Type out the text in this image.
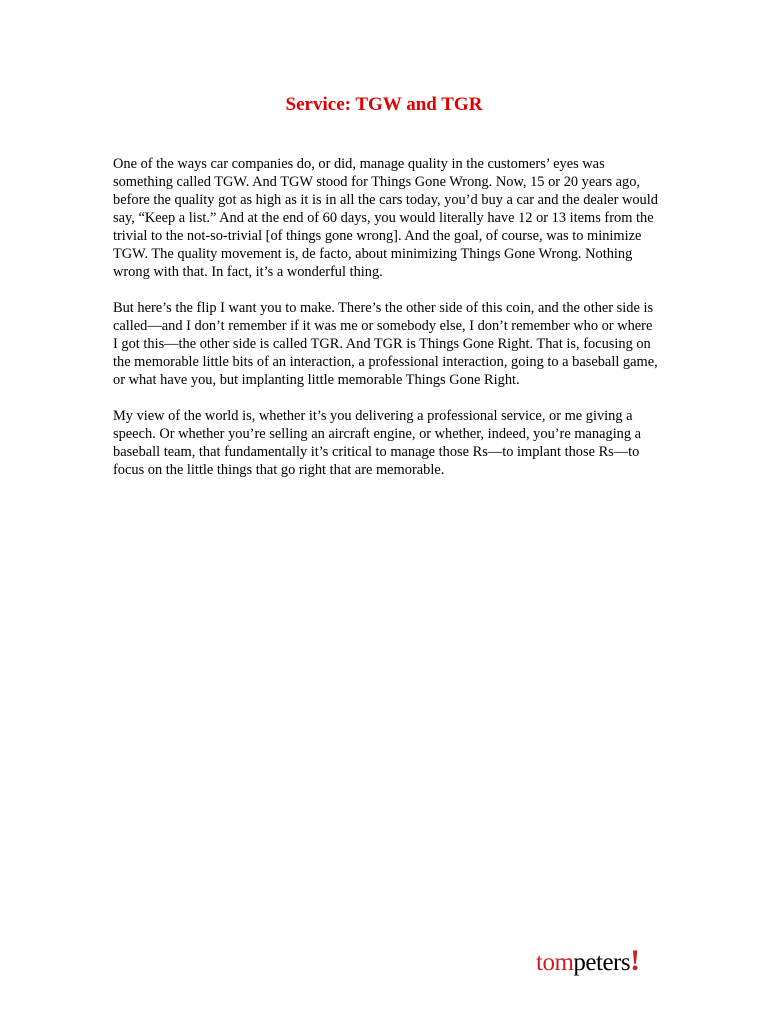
Service: TGW and TGR

One of the ways car companies do, or did, manage quality in the customers’ eyes was something called TGW. And TGW stood for Things Gone Wrong. Now, 15 or 20 years ago, before the quality got as high as it is in all the cars today, you’d buy a car and the dealer would say, “Keep a list.” And at the end of 60 days, you would literally have 12 or 13 items from the trivial to the not-so-trivial [of things gone wrong]. And the goal, of course, was to minimize TGW. The quality movement is, de facto, about minimizing Things Gone Wrong. Nothing wrong with that. In fact, it’s a wonderful thing.

But here’s the flip I want you to make. There’s the other side of this coin, and the other side is called—and I don’t remember if it was me or somebody else, I don’t remember who or where I got this—the other side is called TGR. And TGR is Things Gone Right. That is, focusing on the memorable little bits of an interaction, a professional interaction, going to a baseball game, or what have you, but implanting little memorable Things Gone Right.

My view of the world is, whether it’s you delivering a professional service, or me giving a speech. Or whether you’re selling an aircraft engine, or whether, indeed, you’re managing a baseball team, that fundamentally it’s critical to manage those Rs—to implant those Rs—to focus on the little things that go right that are memorable.

tompeters!
